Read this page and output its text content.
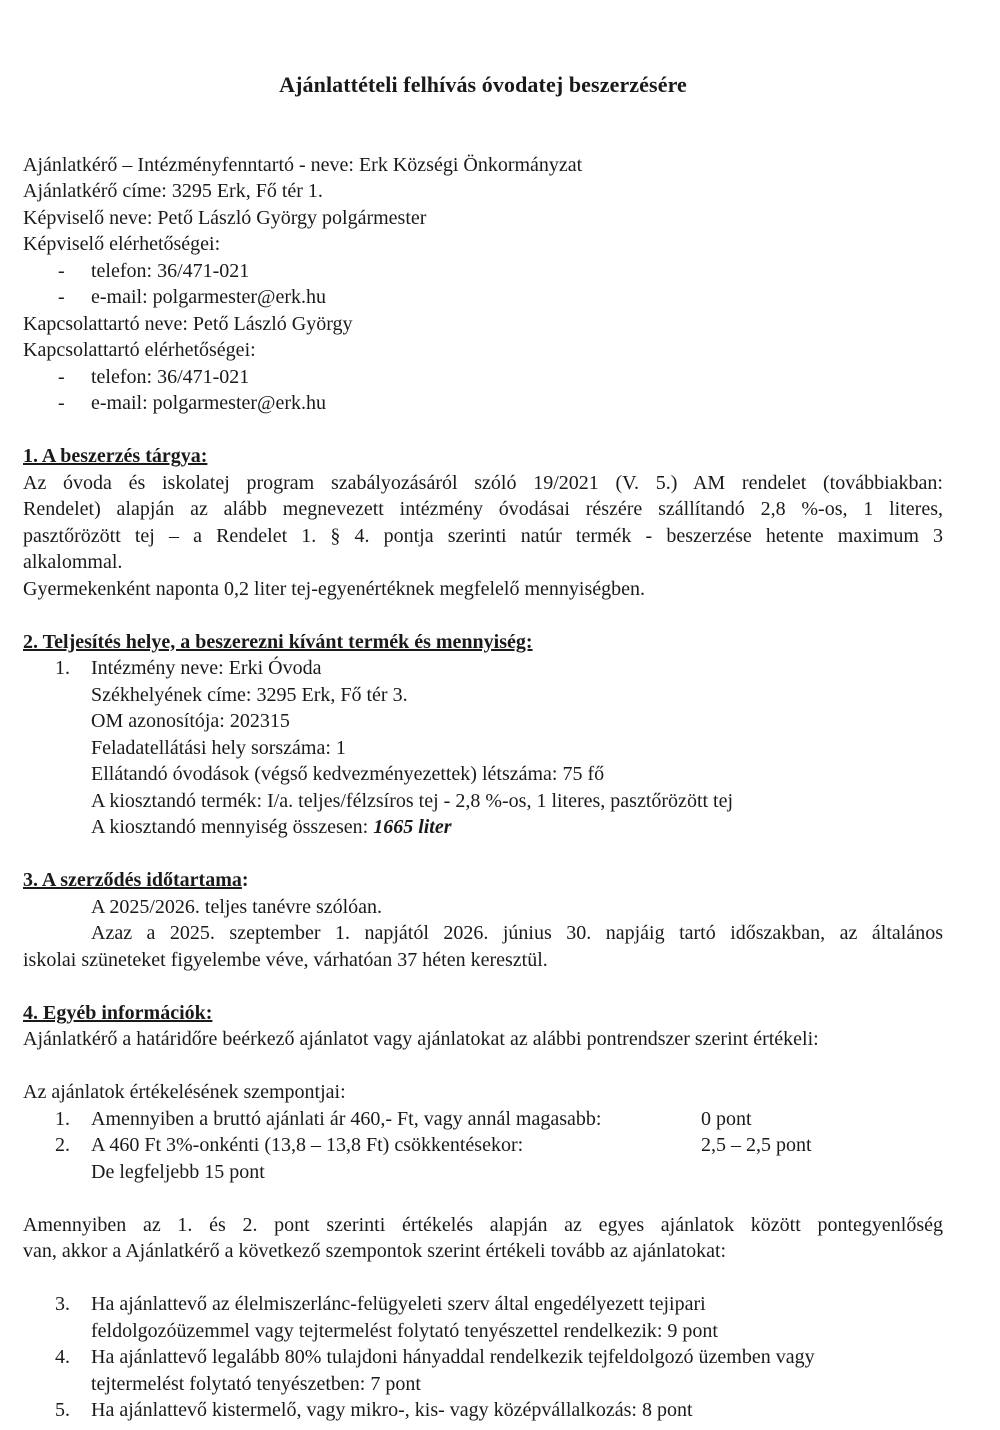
Ajánlattételi felhívás óvodatej beszerzésére
Ajánlatkérő – Intézményfenntartó - neve: Erk Községi Önkormányzat
Ajánlatkérő címe: 3295 Erk, Fő tér 1.
Képviselő neve: Pető László György polgármester
Képviselő elérhetőségei:
- telefon: 36/471-021
- e-mail: polgarmester@erk.hu
Kapcsolattartó neve: Pető László György
Kapcsolattartó elérhetőségei:
- telefon: 36/471-021
- e-mail: polgarmester@erk.hu
1. A beszerzés tárgya:
Az óvoda és iskolatej program szabályozásáról szóló 19/2021 (V. 5.) AM rendelet (továbbiakban:
Rendelet) alapján az alább megnevezett intézmény óvodásai részére szállítandó 2,8 %-os, 1 literes,
pasztőrözött tej – a Rendelet 1. § 4. pontja szerinti natúr termék - beszerzése hetente maximum 3
alkalommal.
Gyermekenként naponta 0,2 liter tej-egyenértéknek megfelelő mennyiségben.
2. Teljesítés helye, a beszerezni kívánt termék és mennyiség:
1. Intézmény neve: Erki Óvoda
Székhelyének címe: 3295 Erk, Fő tér 3.
OM azonosítója: 202315
Feladatellátási hely sorszáma: 1
Ellátandó óvodások (végső kedvezményezettek) létszáma: 75 fő
A kiosztandó termék: I/a. teljes/félzsíros tej - 2,8 %-os, 1 literes, pasztőrözött tej
A kiosztandó mennyiség összesen: 1665 liter
3. A szerződés időtartama:
A 2025/2026. teljes tanévre szólóan.
Azaz a 2025. szeptember 1. napjától 2026. június 30. napjáig tartó időszakban, az általános
iskolai szüneteket figyelembe véve, várhatóan 37 héten keresztül.
4. Egyéb információk:
Ajánlatkérő a határidőre beérkező ajánlatot vagy ajánlatokat az alábbi pontrendszer szerint értékeli:
Az ajánlatok értékelésének szempontjai:
1. Amennyiben a bruttó ajánlati ár 460,- Ft, vagy annál magasabb:	0 pont
2. A 460 Ft 3%-onkénti (13,8 – 13,8 Ft) csökkentésekor:	2,5 – 2,5 pont
De legfeljebb 15 pont
Amennyiben az 1. és 2. pont szerinti értékelés alapján az egyes ajánlatok között pontegyenlőség
van, akkor a Ajánlatkérő a következő szempontok szerint értékeli tovább az ajánlatokat:
3. Ha ajánlattevő az élelmiszerlánc-felügyeleti szerv által engedélyezett tejipari
feldolgozóüzemmel vagy tejtermelést folytató tenyészettel rendelkezik: 9 pont
4. Ha ajánlattevő legalább 80% tulajdoni hányaddal rendelkezik tejfeldolgozó üzemben vagy
tejtermelést folytató tenyészetben: 7 pont
5. Ha ajánlattevő kistermelő, vagy mikro-, kis- vagy középvállalkozás: 8 pont
